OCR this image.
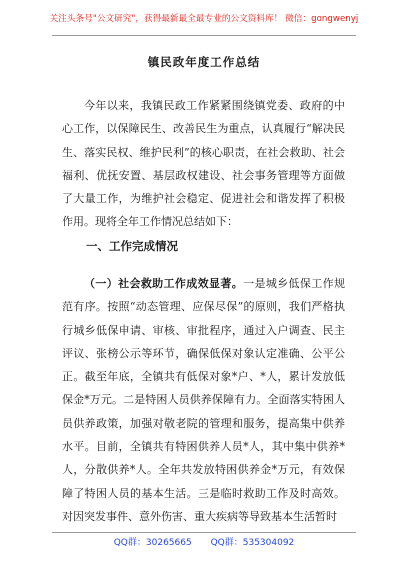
关注头条号"公文研究"，获得最新最全最专业的公文资料库！ 微信：gongwenyj
镇民政年度工作总结

今年以来，我镇民政工作紧紧围绕镇党委、政府的中心工作，以保障民生、改善民生为重点，认真履行“解决民生、落实民权、维护民利”的核心职责，在社会救助、社会福利、优抚安置、基层政权建设、社会事务管理等方面做了大量工作，为维护社会稳定、促进社会和谐发挥了积极作用。现将全年工作情况总结如下：

一、工作完成情况

（一）社会救助工作成效显著。一是城乡低保工作规范有序。按照“动态管理、应保尽保”的原则，我们严格执行城乡低保申请、审核、审批程序，通过入户调查、民主评议、张榜公示等环节，确保低保对象认定准确、公平公正。截至年底，全镇共有低保对象*户、*人，累计发放低保金*万元。二是特困人员供养保障有力。全面落实特困人员供养政策，加强对敬老院的管理和服务，提高集中供养水平。目前，全镇共有特困供养人员*人，其中集中供养*人，分散供养*人。全年共发放特困供养金*万元，有效保障了特困人员的基本生活。三是临时救助工作及时高效。对因突发事件、意外伤害、重大疾病等导致基本生活暂时

QQ群：30265665 QQ群：535304092
